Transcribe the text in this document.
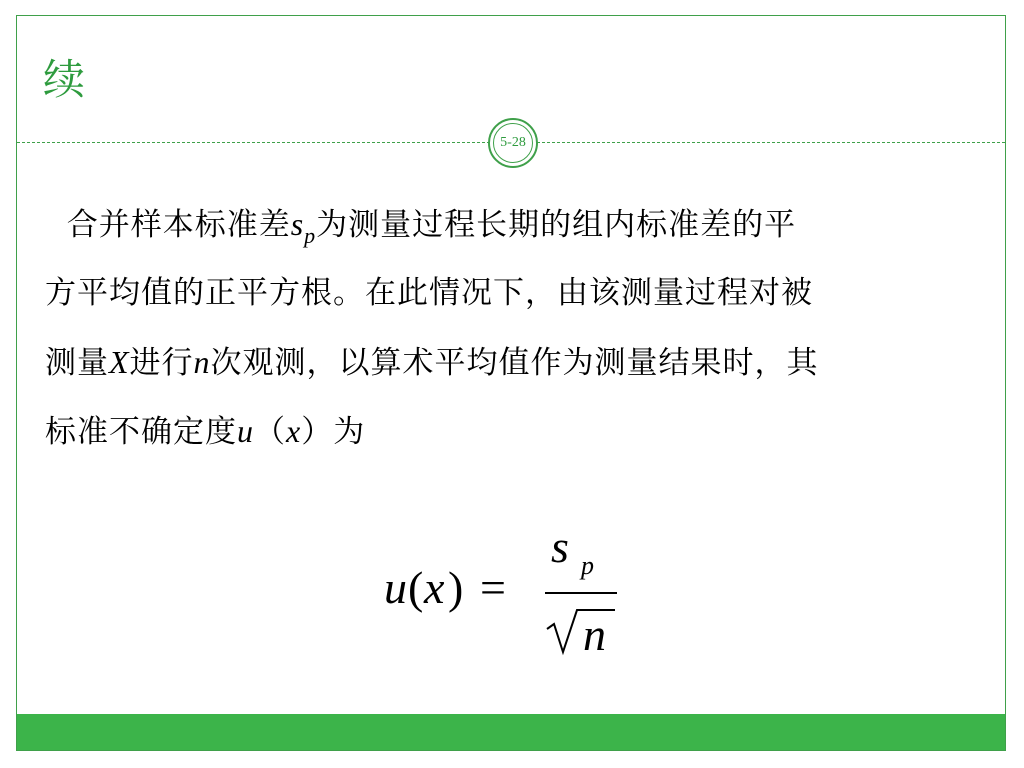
续
5-28
合并样本标准差$s_p$为测量过程长期的组内标准差的平
方平均值的正平方根。在此情况下，由该测量过程对被
测量X进行n次观测，以算术平均值作为测量结果时，其
标准不确定度u（x）为
u ( x ) =
s p
n
